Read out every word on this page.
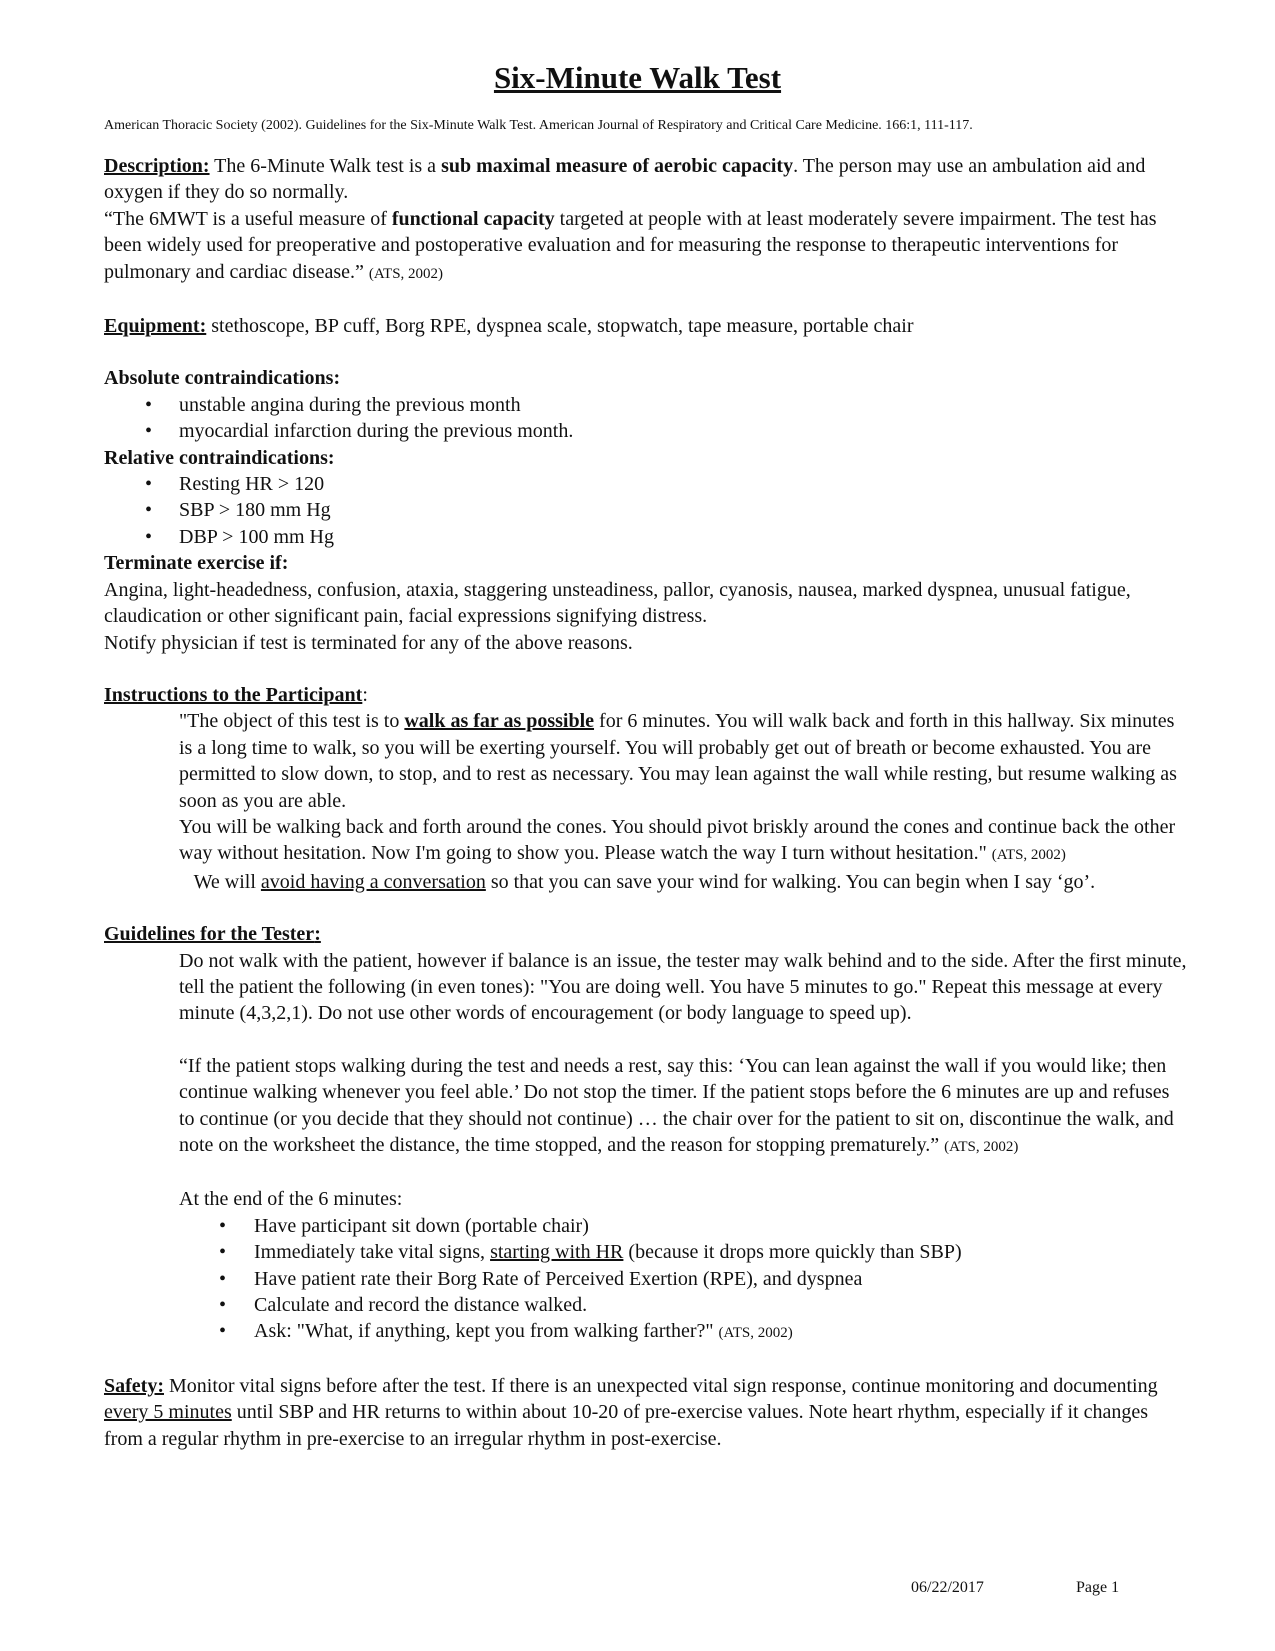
Six-Minute Walk Test
American Thoracic Society (2002). Guidelines for the Six-Minute Walk Test. American Journal of Respiratory and Critical Care Medicine. 166:1, 111-117.

Description: The 6-Minute Walk test is a sub maximal measure of aerobic capacity. The person may use an ambulation aid and oxygen if they do so normally.

“The 6MWT is a useful measure of functional capacity targeted at people with at least moderately severe impairment. The test has been widely used for preoperative and postoperative evaluation and for measuring the response to therapeutic interventions for pulmonary and cardiac disease.” (ATS, 2002)

Equipment: stethoscope, BP cuff, Borg RPE, dyspnea scale, stopwatch, tape measure, portable chair

Absolute contraindications:

• unstable angina during the previous month
• myocardial infarction during the previous month.

Relative contraindications:

• Resting HR > 120
• SBP > 180 mm Hg
• DBP > 100 mm Hg

Terminate exercise if:

Angina, light-headedness, confusion, ataxia, staggering unsteadiness, pallor, cyanosis, nausea, marked dyspnea, unusual fatigue, claudication or other significant pain, facial expressions signifying distress.

Notify physician if test is terminated for any of the above reasons.

Instructions to the Participant:

"The object of this test is to walk as far as possible for 6 minutes. You will walk back and forth in this hallway. Six minutes is a long time to walk, so you will be exerting yourself. You will probably get out of breath or become exhausted. You are permitted to slow down, to stop, and to rest as necessary. You may lean against the wall while resting, but resume walking as soon as you are able.

You will be walking back and forth around the cones. You should pivot briskly around the cones and continue back the other way without hesitation. Now I'm going to show you. Please watch the way I turn without hesitation." (ATS, 2002)   We will avoid having a conversation so that you can save your wind for walking. You can begin when I say ‘go’.

Guidelines for the Tester:

Do not walk with the patient, however if balance is an issue, the tester may walk behind and to the side. After the first minute, tell the patient the following (in even tones): "You are doing well. You have 5 minutes to go." Repeat this message at every minute (4,3,2,1). Do not use other words of encouragement (or body language to speed up).

“If the patient stops walking during the test and needs a rest, say this: ‘You can lean against the wall if you would like; then continue walking whenever you feel able.’ Do not stop the timer. If the patient stops before the 6 minutes are up and refuses to continue (or you decide that they should not continue) … the chair over for the patient to sit on, discontinue the walk, and note on the worksheet the distance, the time stopped, and the reason for stopping prematurely.” (ATS, 2002)

At the end of the 6 minutes:

• Have participant sit down (portable chair)
• Immediately take vital signs, starting with HR (because it drops more quickly than SBP)
• Have patient rate their Borg Rate of Perceived Exertion (RPE), and dyspnea
• Calculate and record the distance walked.
• Ask: "What, if anything, kept you from walking farther?" (ATS, 2002)

Safety: Monitor vital signs before after the test. If there is an unexpected vital sign response, continue monitoring and documenting every 5 minutes until SBP and HR returns to within about 10-20 of pre-exercise values. Note heart rhythm, especially if it changes from a regular rhythm in pre-exercise to an irregular rhythm in post-exercise.

06/22/2017	Page 1
